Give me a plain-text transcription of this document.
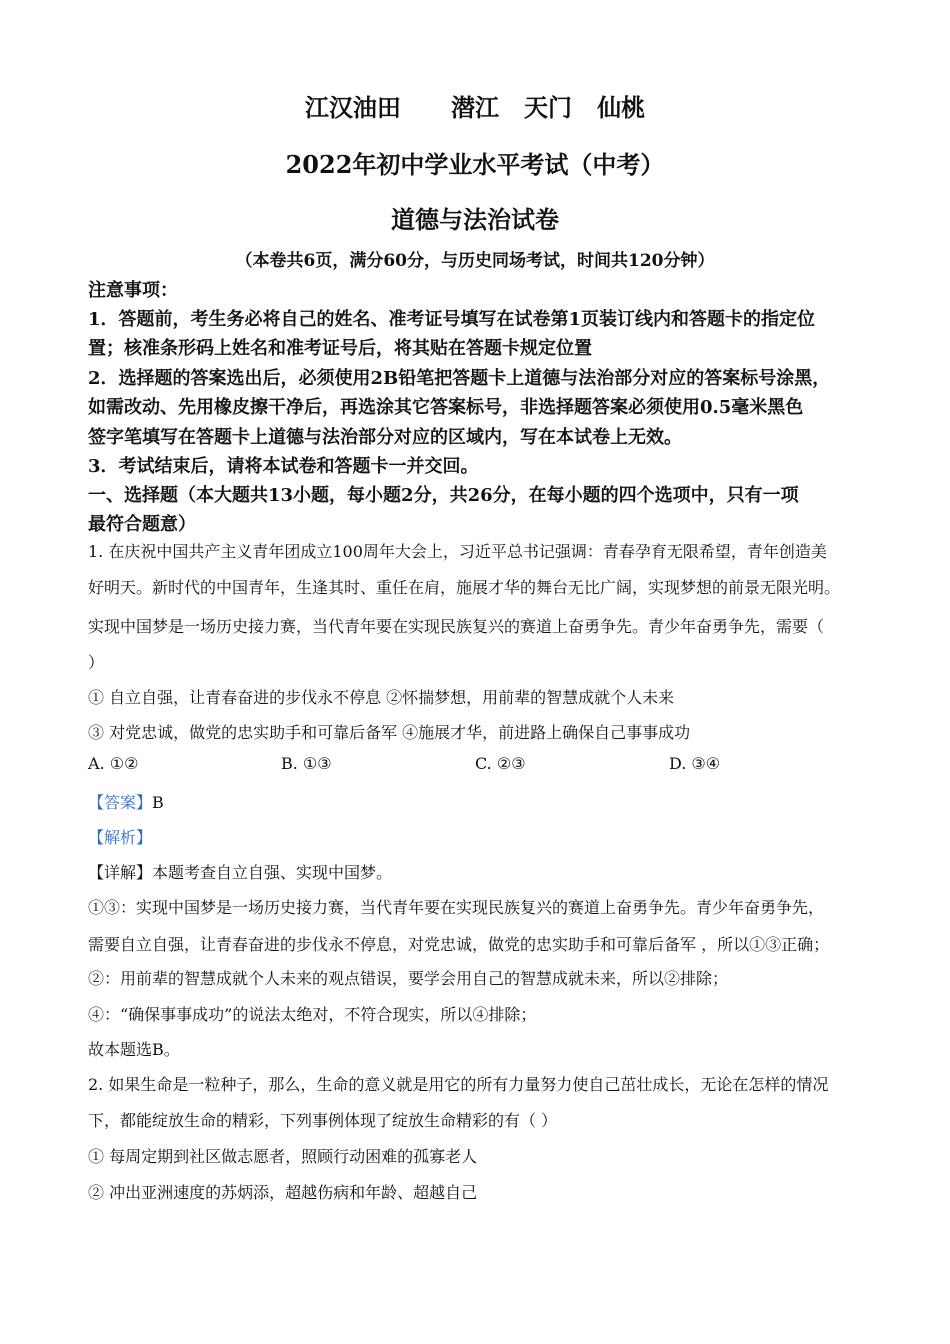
江汉油田      潜江   天门   仙桃
2022年初中学业水平考试（中考）
道德与法治试卷
（本卷共6页，满分60分，与历史同场考试，时间共120分钟）
注意事项：
1．答题前，考生务必将自己的姓名、准考证号填写在试卷第1页装订线内和答题卡的指定位
置；核准条形码上姓名和准考证号后，将其贴在答题卡规定位置
2．选择题的答案选出后，必须使用2B铅笔把答题卡上道德与法治部分对应的答案标号涂黑，
如需改动、先用橡皮擦干净后，再选涂其它答案标号，非选择题答案必须使用0.5毫米黑色
签字笔填写在答题卡上道德与法治部分对应的区域内，写在本试卷上无效。
3．考试结束后，请将本试卷和答题卡一并交回。
一、选择题（本大题共13小题，每小题2分，共26分，在每小题的四个选项中，只有一项
最符合题意）
1. 在庆祝中国共产主义青年团成立100周年大会上，习近平总书记强调：青春孕育无限希望，青年创造美
好明天。新时代的中国青年，生逢其时、重任在肩，施展才华的舞台无比广阔，实现梦想的前景无限光明。
实现中国梦是一场历史接力赛，当代青年要在实现民族复兴的赛道上奋勇争先。青少年奋勇争先，需要（
）
① 自立自强，让青春奋进的步伐永不停息 ②怀揣梦想，用前辈的智慧成就个人未来
③ 对党忠诚，做党的忠实助手和可靠后备军 ④施展才华，前进路上确保自己事事成功
A. ①②	B. ①③	C. ②③	D. ③④
【答案】B
【解析】
【详解】本题考查自立自强、实现中国梦。
①③：实现中国梦是一场历史接力赛，当代青年要在实现民族复兴的赛道上奋勇争先。青少年奋勇争先，
需要自立自强，让青春奋进的步伐永不停息，对党忠诚，做党的忠实助手和可靠后备军 ，所以①③正确；
②：用前辈的智慧成就个人未来的观点错误，要学会用自己的智慧成就未来，所以②排除；
④：“确保事事成功”的说法太绝对，不符合现实，所以④排除；
故本题选B。
2. 如果生命是一粒种子，那么，生命的意义就是用它的所有力量努力使自己茁壮成长，无论在怎样的情况
下，都能绽放生命的精彩，下列事例体现了绽放生命精彩的有（ ）
① 每周定期到社区做志愿者，照顾行动困难的孤寡老人
② 冲出亚洲速度的苏炳添，超越伤病和年龄、超越自己
